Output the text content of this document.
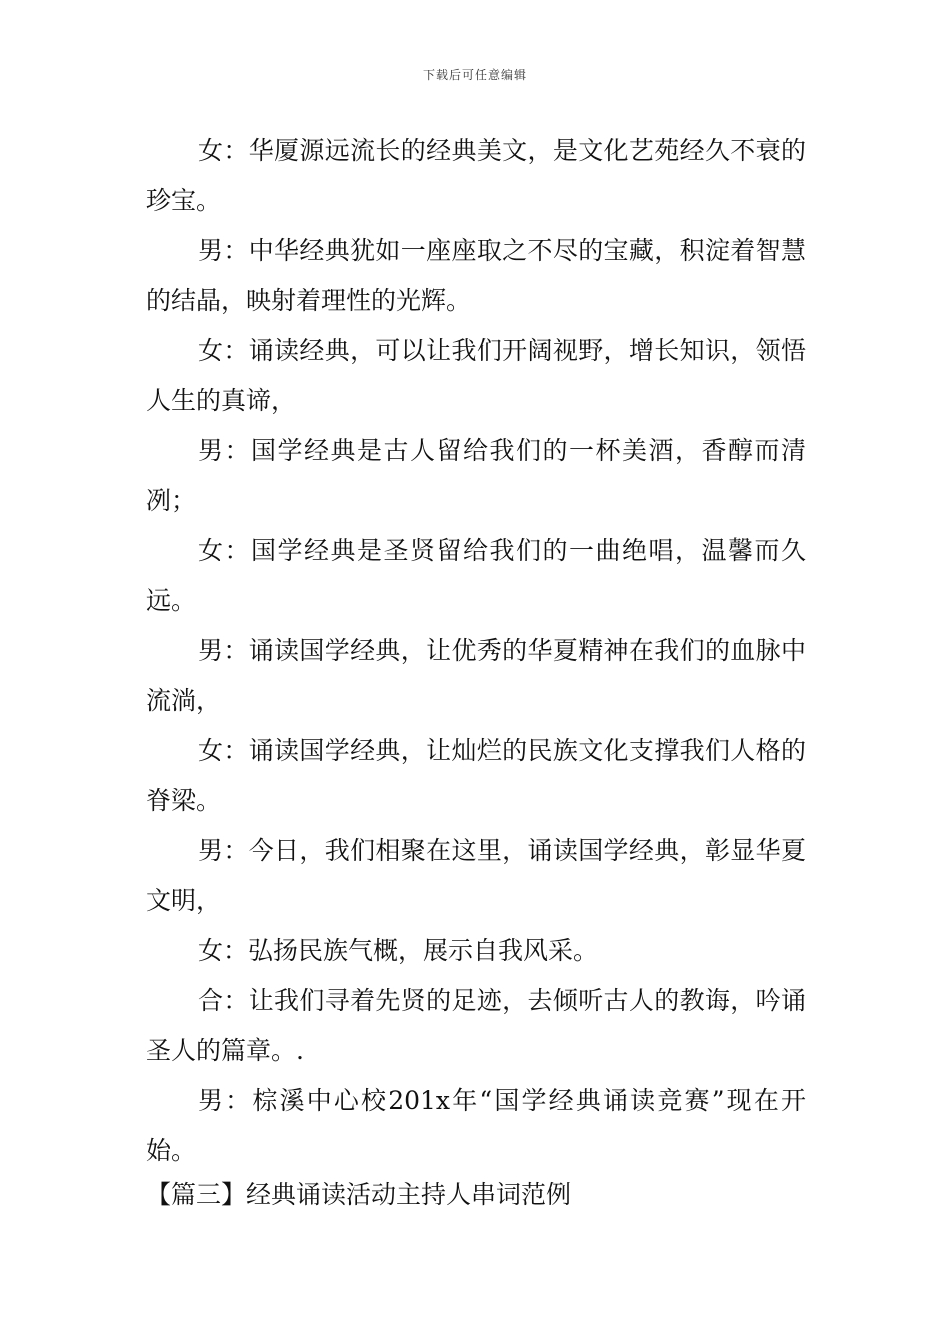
下载后可任意编辑

女：华厦源远流长的经典美文，是文化艺苑经久不衰的珍宝。

男：中华经典犹如一座座取之不尽的宝藏，积淀着智慧的结晶，映射着理性的光辉。

女：诵读经典，可以让我们开阔视野，增长知识，领悟人生的真谛，

男：国学经典是古人留给我们的一杯美酒，香醇而清冽；

女：国学经典是圣贤留给我们的一曲绝唱，温馨而久远。

男：诵读国学经典，让优秀的华夏精神在我们的血脉中流淌，

女：诵读国学经典，让灿烂的民族文化支撑我们人格的脊梁。

男：今日，我们相聚在这里，诵读国学经典，彰显华夏文明，

女：弘扬民族气概，展示自我风采。

合：让我们寻着先贤的足迹，去倾听古人的教诲，吟诵圣人的篇章。.

男：棕溪中心校201x年“国学经典诵读竞赛”现在开始。

【篇三】经典诵读活动主持人串词范例
